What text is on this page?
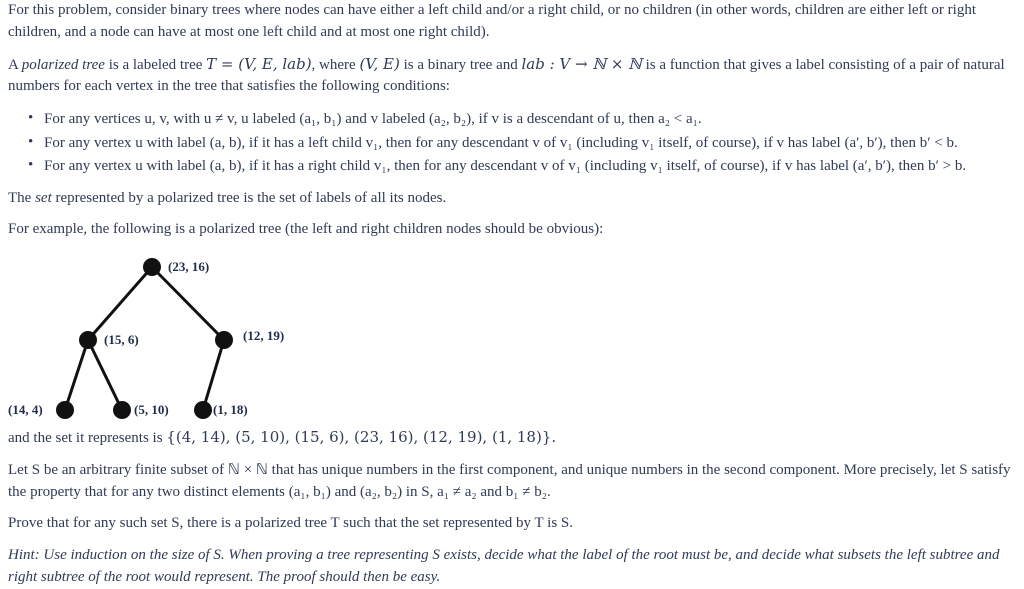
For this problem, consider binary trees where nodes can have either a left child and/or a right child, or no children (in other words, children are either left or right children, and a node can have at most one left child and at most one right child).

A polarized tree is a labeled tree T = (V, E, lab), where (V, E) is a binary tree and lab : V → ℕ × ℕ is a function that gives a label consisting of a pair of natural numbers for each vertex in the tree that satisfies the following conditions:

• For any vertices u, v, with u ≠ v, u labeled (a₁, b₁) and v labeled (a₂, b₂), if v is a descendant of u, then a₂ < a₁.
• For any vertex u with label (a, b), if it has a left child v₁, then for any descendant v of v₁ (including v₁ itself, of course), if v has label (a′, b′), then b′ < b.
• For any vertex u with label (a, b), if it has a right child v₁, then for any descendant v of v₁ (including v₁ itself, of course), if v has label (a′, b′), then b′ > b.

The set represented by a polarized tree is the set of labels of all its nodes.

For example, the following is a polarized tree (the left and right children nodes should be obvious):

(23, 16)
(15, 6)	(12, 19)
(14, 4)	(5, 10)	(1, 18)

and the set it represents is {(4, 14), (5, 10), (15, 6), (23, 16), (12, 19), (1, 18)}.

Let S be an arbitrary finite subset of ℕ × ℕ that has unique numbers in the first component, and unique numbers in the second component. More precisely, let S satisfy the property that for any two distinct elements (a₁, b₁) and (a₂, b₂) in S, a₁ ≠ a₂ and b₁ ≠ b₂.

Prove that for any such set S, there is a polarized tree T such that the set represented by T is S.

Hint: Use induction on the size of S. When proving a tree representing S exists, decide what the label of the root must be, and decide what subsets the left subtree and right subtree of the root would represent. The proof should then be easy.
